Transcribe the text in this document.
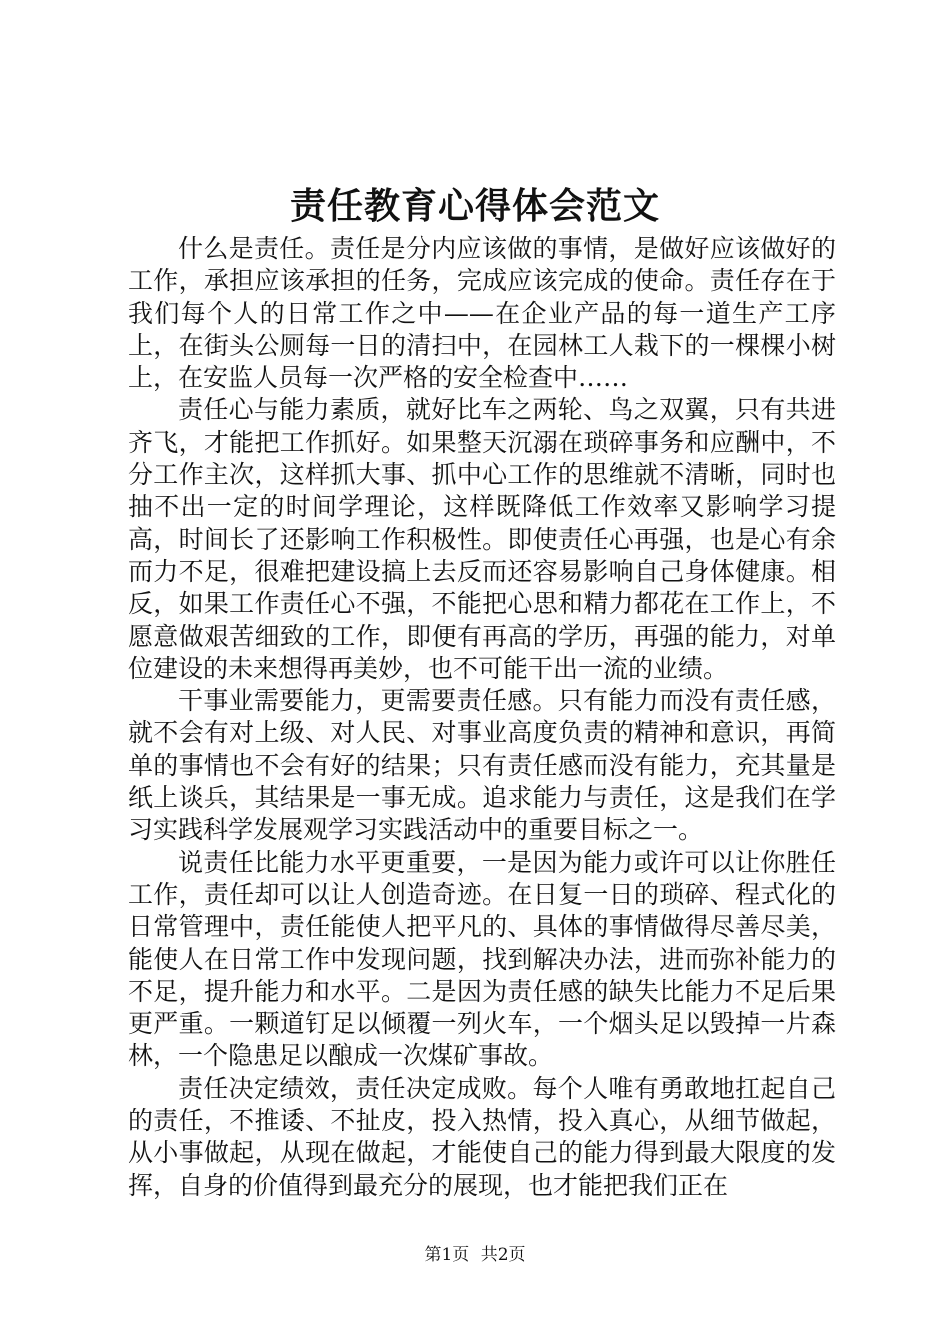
责任教育心得体会范文

什么是责任。责任是分内应该做的事情，是做好应该做好的工作，承担应该承担的任务，完成应该完成的使命。责任存在于我们每个人的日常工作之中——在企业产品的每一道生产工序上，在街头公厕每一日的清扫中，在园林工人栽下的一棵棵小树上，在安监人员每一次严格的安全检查中……

责任心与能力素质，就好比车之两轮、鸟之双翼，只有共进齐飞，才能把工作抓好。如果整天沉溺在琐碎事务和应酬中，不分工作主次，这样抓大事、抓中心工作的思维就不清晰，同时也抽不出一定的时间学理论，这样既降低工作效率又影响学习提高，时间长了还影响工作积极性。即使责任心再强，也是心有余而力不足，很难把建设搞上去反而还容易影响自己身体健康。相反，如果工作责任心不强，不能把心思和精力都花在工作上，不愿意做艰苦细致的工作，即便有再高的学历，再强的能力，对单位建设的未来想得再美妙，也不可能干出一流的业绩。

干事业需要能力，更需要责任感。只有能力而没有责任感，就不会有对上级、对人民、对事业高度负责的精神和意识，再简单的事情也不会有好的结果；只有责任感而没有能力，充其量是纸上谈兵，其结果是一事无成。追求能力与责任，这是我们在学习实践科学发展观学习实践活动中的重要目标之一。

说责任比能力水平更重要，一是因为能力或许可以让你胜任工作，责任却可以让人创造奇迹。在日复一日的琐碎、程式化的日常管理中，责任能使人把平凡的、具体的事情做得尽善尽美，能使人在日常工作中发现问题，找到解决办法，进而弥补能力的不足，提升能力和水平。二是因为责任感的缺失比能力不足后果更严重。一颗道钉足以倾覆一列火车，一个烟头足以毁掉一片森林，一个隐患足以酿成一次煤矿事故。

责任决定绩效，责任决定成败。每个人唯有勇敢地扛起自己的责任，不推诿、不扯皮，投入热情，投入真心，从细节做起，从小事做起，从现在做起，才能使自己的能力得到最大限度的发挥，自身的价值得到最充分的展现，也才能把我们正在

第1页 共2页
